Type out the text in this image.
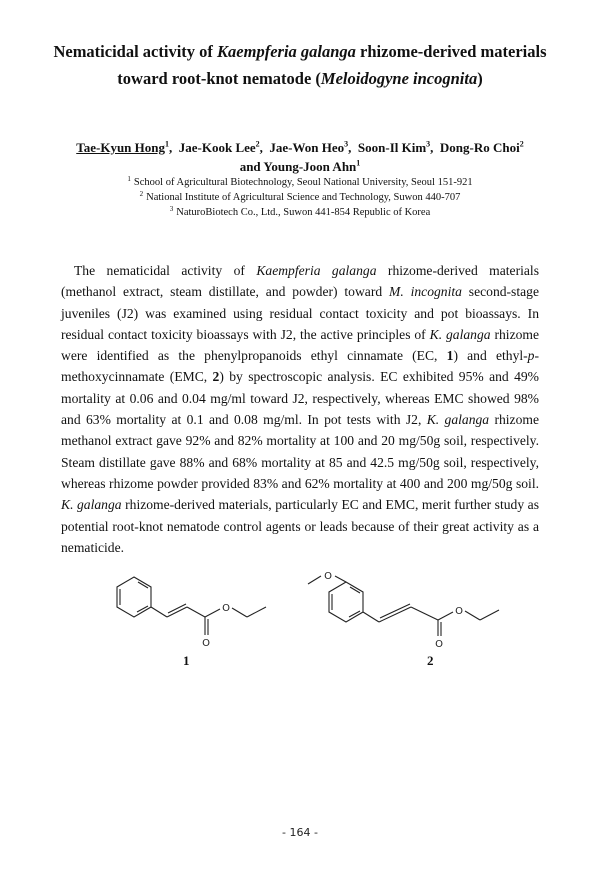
Nematicidal activity of Kaempferia galanga rhizome-derived materials toward root-knot nematode (Meloidogyne incognita)
Tae-Kyun Hong$^1$,  Jae-Kook Lee$^2$,  Jae-Won Heo$^3$,  Soon-Il Kim$^3$,  Dong-Ro Choi$^2$
and Young-Joon Ahn$^1$
$^1$ School of Agricultural Biotechnology, Seoul National University, Seoul 151-921
$^2$ National Institute of Agricultural Science and Technology, Suwon 440-707
$^3$ NaturoBiotech Co., Ltd., Suwon 441-854 Republic of Korea

The nematicidal activity of Kaempferia galanga rhizome-derived materials (methanol extract, steam distillate, and powder) toward M. incognita second-stage juveniles (J2) was examined using residual contact toxicity and pot bioassays. In residual contact toxicity bioassays with J2, the active principles of K. galanga rhizome were identified as the phenylpropanoids ethyl cinnamate (EC, 1) and ethyl-p-methoxycinnamate (EMC, 2) by spectroscopic analysis. EC exhibited 95% and 49% mortality at 0.06 and 0.04 mg/ml toward J2, respectively, whereas EMC showed 98% and 63% mortality at 0.1 and 0.08 mg/ml. In pot tests with J2, K. galanga rhizome methanol extract gave 92% and 82% mortality at 100 and 20 mg/50g soil, respectively. Steam distillate gave 88% and 68% mortality at 85 and 42.5 mg/50g soil, respectively, whereas rhizome powder provided 83% and 62% mortality at 400 and 200 mg/50g soil. K. galanga rhizome-derived materials, particularly EC and EMC, merit further study as potential root-knot nematode control agents or leads because of their great activity as a nematicide.

O
O
O
O
O
1	2
- 164 -
